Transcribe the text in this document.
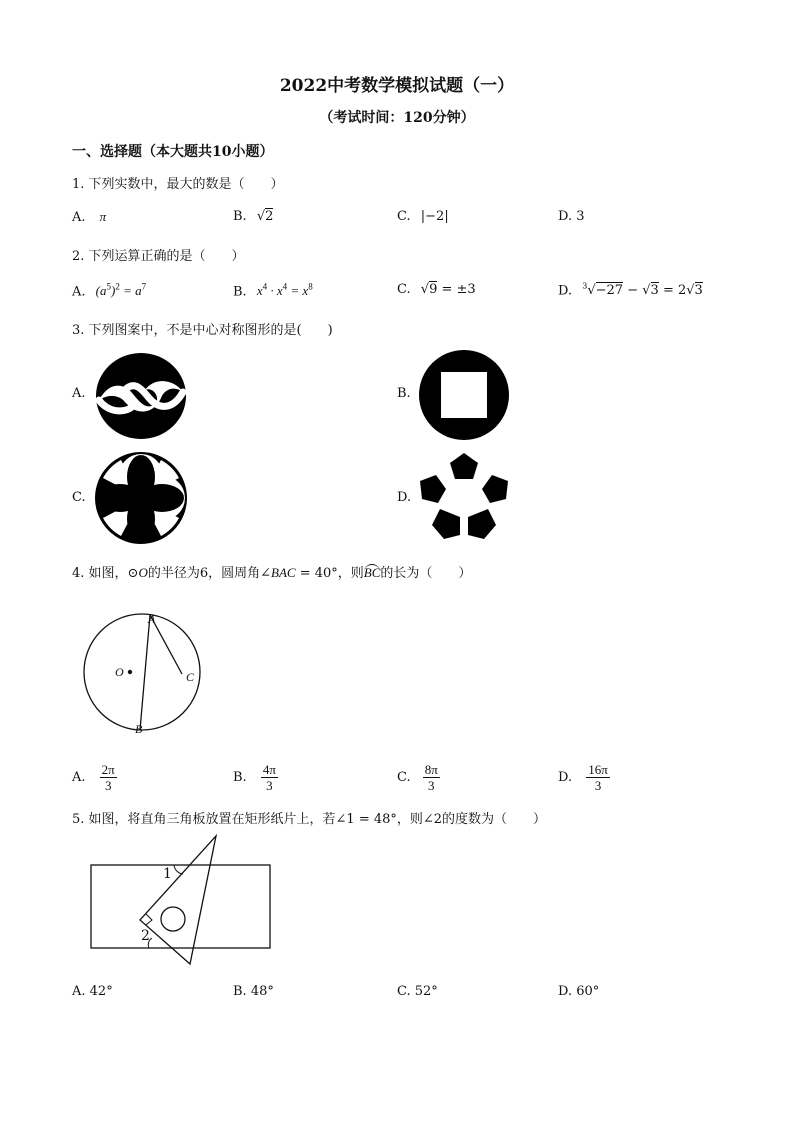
2022中考数学模拟试题（一）
（考试时间：120分钟）
一、选择题（本大题共10小题）
1. 下列实数中，最大的数是（　　）
A. π	B. √2	C. |−2|	D. 3
2. 下列运算正确的是（　　）
A. $(a^5)^2 = a^7$	B. $x^4 \cdot x^4 = x^8$	C. √9 = ±3	D. $^3$√−27 − √3 = 2√3
3. 下列图案中，不是中心对称图形的是(　　)
A.	B.
C.	D.
4. 如图，⊙O的半径为6，圆周角∠BAC = 40°，则BC的长为（　　）
A
C
B
O
A. $\frac{2\pi}{3}$	B. $\frac{4\pi}{3}$	C. $\frac{8\pi}{3}$	D. $\frac{16\pi}{3}$
5. 如图，将直角三角板放置在矩形纸片上，若∠1 = 48°，则∠2的度数为（　　）
1
2
A. 42°	B. 48°	C. 52°	D. 60°
